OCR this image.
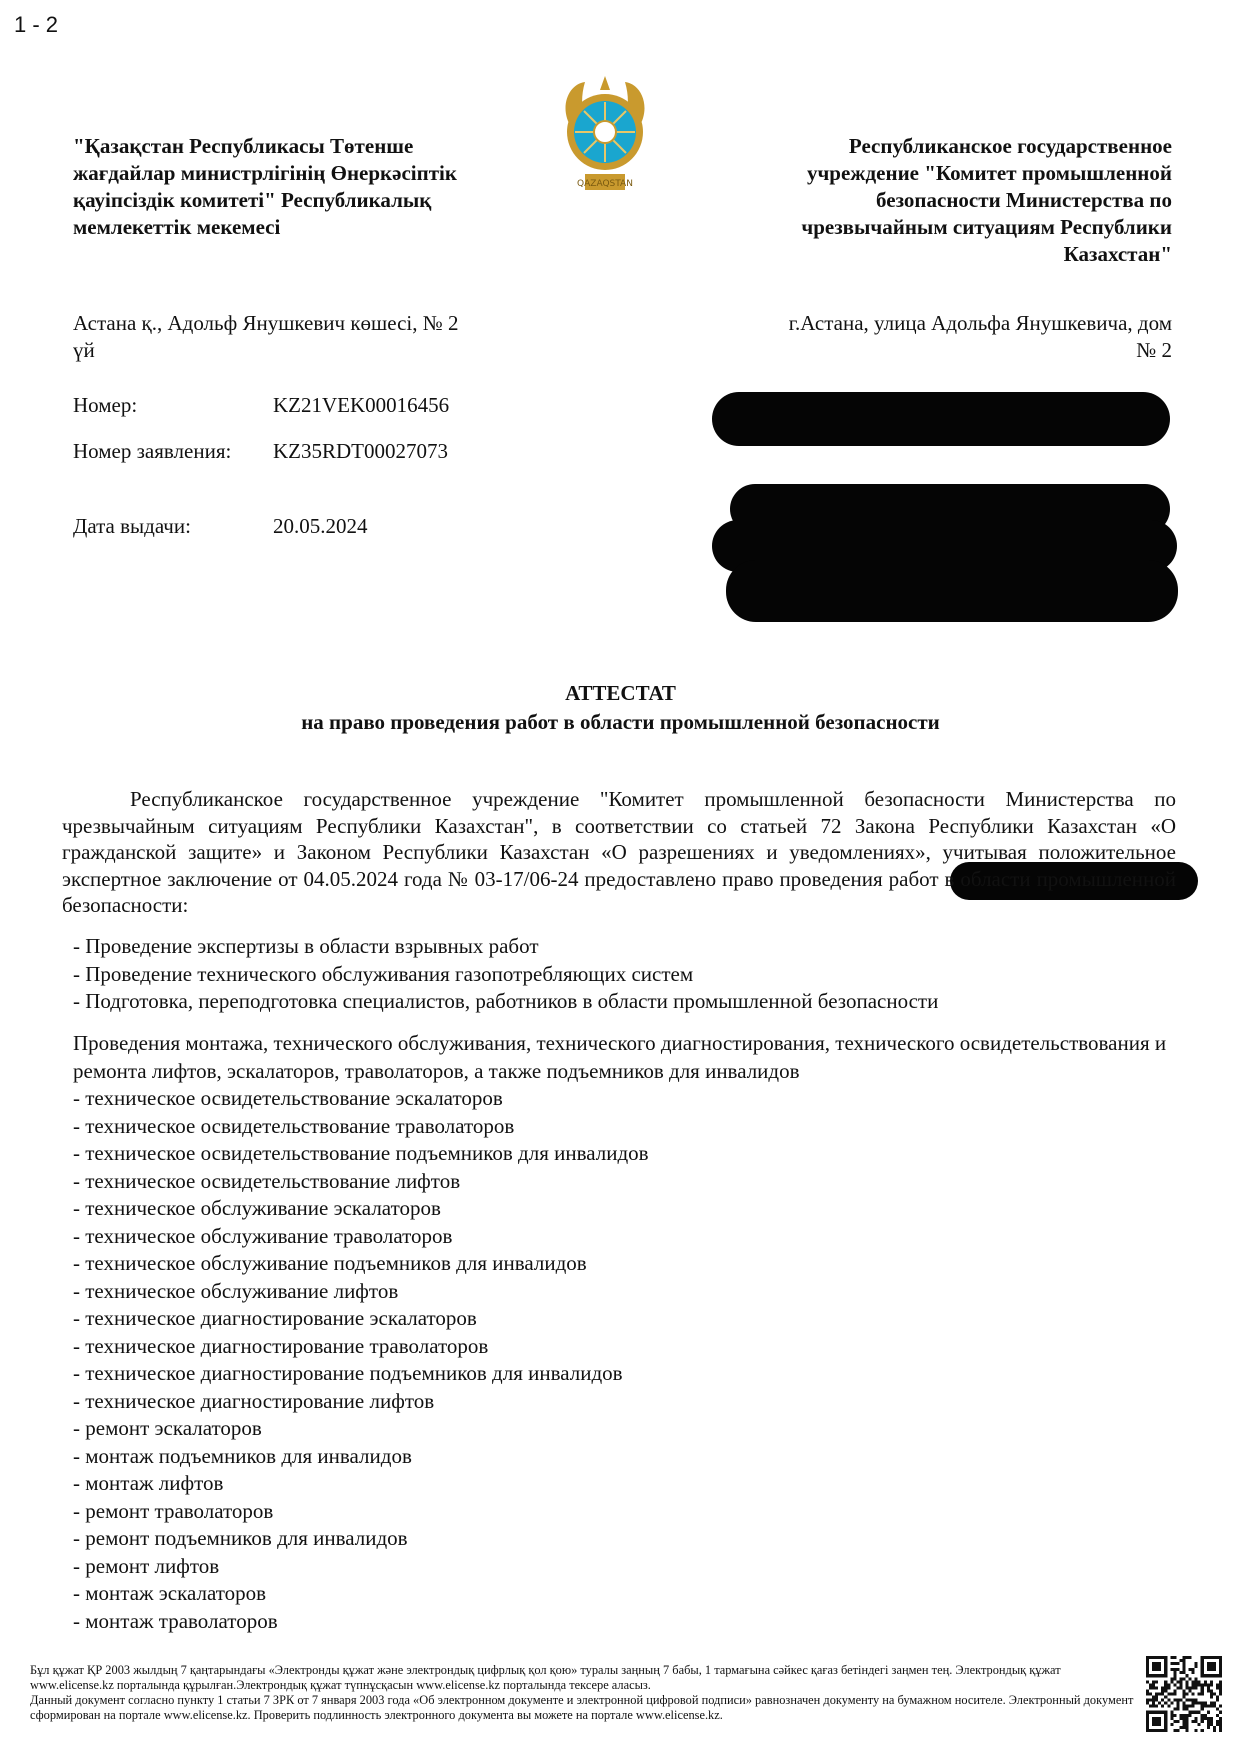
1 - 2
QAZAQSTAN
"Қазақстан Республикасы Төтенше
жағдайлар министрлігінің Өнеркәсіптік
қауіпсіздік комитеті" Республикалық
мемлекеттік мекемесі
Республиканское государственное
учреждение "Комитет промышленной
безопасности Министерства по
чрезвычайным ситуациям Республики
Казахстан"
Астана қ., Адольф Янушкевич көшесі, № 2
үй
г.Астана, улица Адольфа Янушкевича, дом
№ 2
Номер:	KZ21VEK00016456
Номер заявления: KZ35RDT00027073
Дата выдачи:	20.05.2024
АТТЕСТАТ
на право проведения работ в области промышленной безопасности

Республиканское государственное учреждение "Комитет промышленной безопасности Министерства по чрезвычайным ситуациям Республики Казахстан", в соответствии со статьей 72 Закона Республики Казахстан «О гражданской защите» и Законом Республики Казахстан «О разрешениях и уведомлениях», учитывая положительное экспертное заключение от 04.05.2024 года № 03-17/06-24 предоставлено право проведения работ в области промышленной безопасности:

- Проведение экспертизы в области взрывных работ
- Проведение технического обслуживания газопотребляющих систем
- Подготовка, переподготовка специалистов, работников в области промышленной безопасности

Проведения монтажа, технического обслуживания, технического диагностирования, технического освидетельствования и ремонта лифтов, эскалаторов, траволаторов, а также подъемников для инвалидов

- техническое освидетельствование эскалаторов
- техническое освидетельствование траволаторов
- техническое освидетельствование подъемников для инвалидов
- техническое освидетельствование лифтов
- техническое обслуживание эскалаторов
- техническое обслуживание траволаторов
- техническое обслуживание подъемников для инвалидов
- техническое обслуживание лифтов
- техническое диагностирование эскалаторов
- техническое диагностирование траволаторов
- техническое диагностирование подъемников для инвалидов
- техническое диагностирование лифтов
- ремонт эскалаторов
- монтаж подъемников для инвалидов
- монтаж лифтов
- ремонт траволаторов
- ремонт подъемников для инвалидов
- ремонт лифтов
- монтаж эскалаторов
- монтаж траволаторов
Бұл құжат ҚР 2003 жылдың 7 қаңтарындағы «Электронды құжат және электрондық цифрлық қол қою» туралы заңның 7 бабы, 1 тармағына сәйкес қағаз бетіндегі заңмен тең. Электрондық құжат www.elicense.kz порталында құрылған.Электрондық құжат түпнұсқасын www.elicense.kz порталында тексере аласыз.
Данный документ согласно пункту 1 статьи 7 ЗРК от 7 января 2003 года «Об электронном документе и электронной цифровой подписи» равнозначен документу на бумажном носителе. Электронный документ сформирован на портале www.elicense.kz. Проверить подлинность электронного документа вы можете на портале www.elicense.kz.
